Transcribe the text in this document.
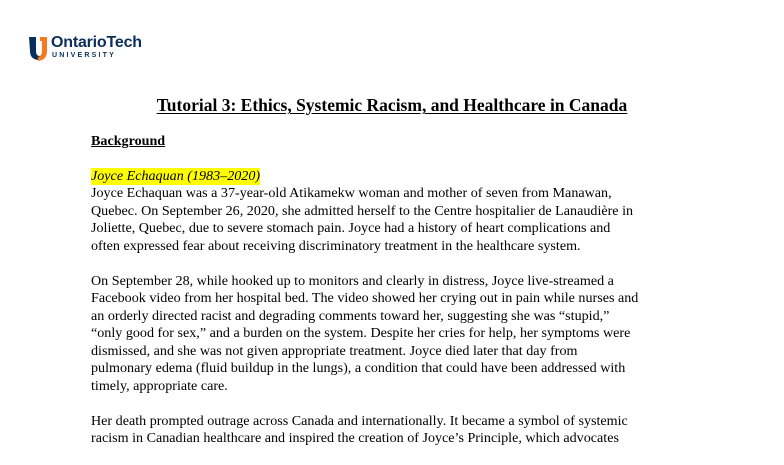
OntarioTech
UNIVERSITY
Tutorial 3: Ethics, Systemic Racism, and Healthcare in Canada
Background
Joyce Echaquan (1983–2020)
Joyce Echaquan was a 37-year-old Atikamekw woman and mother of seven from Manawan,
Quebec. On September 26, 2020, she admitted herself to the Centre hospitalier de Lanaudière in
Joliette, Quebec, due to severe stomach pain. Joyce had a history of heart complications and
often expressed fear about receiving discriminatory treatment in the healthcare system.
On September 28, while hooked up to monitors and clearly in distress, Joyce live-streamed a
Facebook video from her hospital bed. The video showed her crying out in pain while nurses and
an orderly directed racist and degrading comments toward her, suggesting she was “stupid,”
“only good for sex,” and a burden on the system. Despite her cries for help, her symptoms were
dismissed, and she was not given appropriate treatment. Joyce died later that day from
pulmonary edema (fluid buildup in the lungs), a condition that could have been addressed with
timely, appropriate care.
Her death prompted outrage across Canada and internationally. It became a symbol of systemic
racism in Canadian healthcare and inspired the creation of Joyce’s Principle, which advocates
